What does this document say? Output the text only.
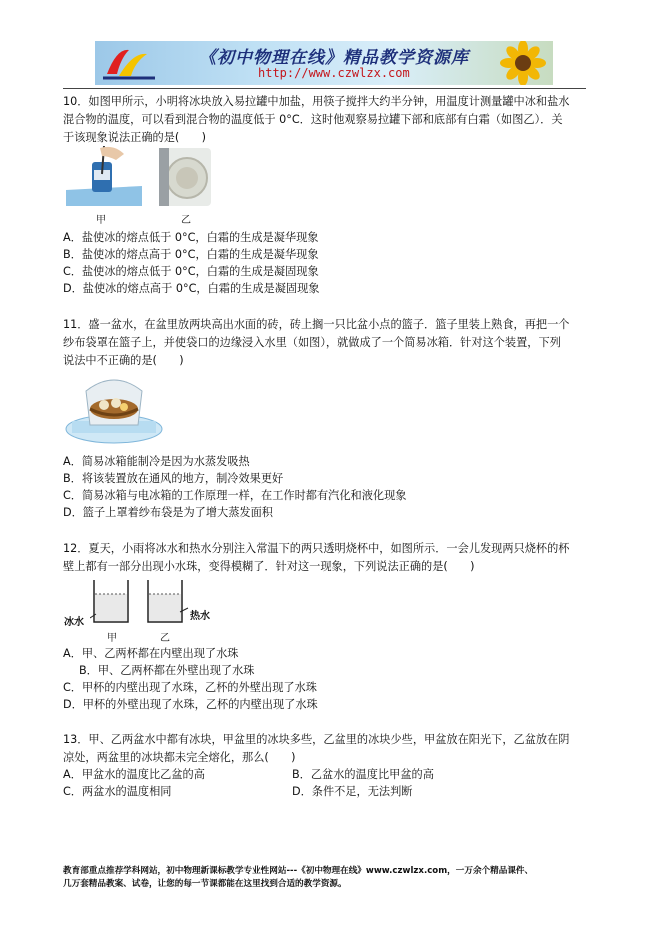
《初中物理在线》精品教学资源库
http://www.czwlzx.com
10．如图甲所示，小明将冰块放入易拉罐中加盐，用筷子搅拌大约半分钟，用温度计测量罐中冰和盐水
混合物的温度，可以看到混合物的温度低于 0°C．这时他观察易拉罐下部和底部有白霜（如图乙）．关
于该现象说法正确的是(　　)
甲	乙
A．盐使冰的熔点低于 0°C，白霜的生成是凝华现象
B．盐使冰的熔点高于 0°C，白霜的生成是凝华现象
C．盐使冰的熔点低于 0°C，白霜的生成是凝固现象
D．盐使冰的熔点高于 0°C，白霜的生成是凝固现象
11．盛一盆水，在盆里放两块高出水面的砖，砖上搁一只比盆小点的篮子．篮子里装上熟食，再把一个
纱布袋罩在篮子上，并使袋口的边缘浸入水里（如图），就做成了一个简易冰箱．针对这个装置，下列
说法中不正确的是(　　)
A．简易冰箱能制冷是因为水蒸发吸热
B．将该装置放在通风的地方，制冷效果更好
C．简易冰箱与电冰箱的工作原理一样，在工作时都有汽化和液化现象
D．篮子上罩着纱布袋是为了增大蒸发面积
12．夏天，小雨将冰水和热水分别注入常温下的两只透明烧杯中，如图所示．一会儿发现两只烧杯的杯
壁上都有一部分出现小水珠，变得模糊了．针对这一现象，下列说法正确的是(　　)
冰水
热水
甲	乙
A．甲、乙两杯都在内壁出现了水珠
B．甲、乙两杯都在外壁出现了水珠
C．甲杯的内壁出现了水珠，乙杯的外壁出现了水珠
D．甲杯的外壁出现了水珠，乙杯的内壁出现了水珠
13．甲、乙两盆水中都有冰块，甲盆里的冰块多些，乙盆里的冰块少些，甲盆放在阳光下，乙盆放在阴
凉处，两盆里的冰块都未完全熔化，那么(　　)
A．甲盆水的温度比乙盆的高	B．乙盆水的温度比甲盆的高
C．两盆水的温度相同	D．条件不足，无法判断
教育部重点推荐学科网站，初中物理新课标教学专业性网站---《初中物理在线》www.czwlzx.com，一万余个精品课件、
几万套精品教案、试卷，让您的每一节课都能在这里找到合适的教学资源。
